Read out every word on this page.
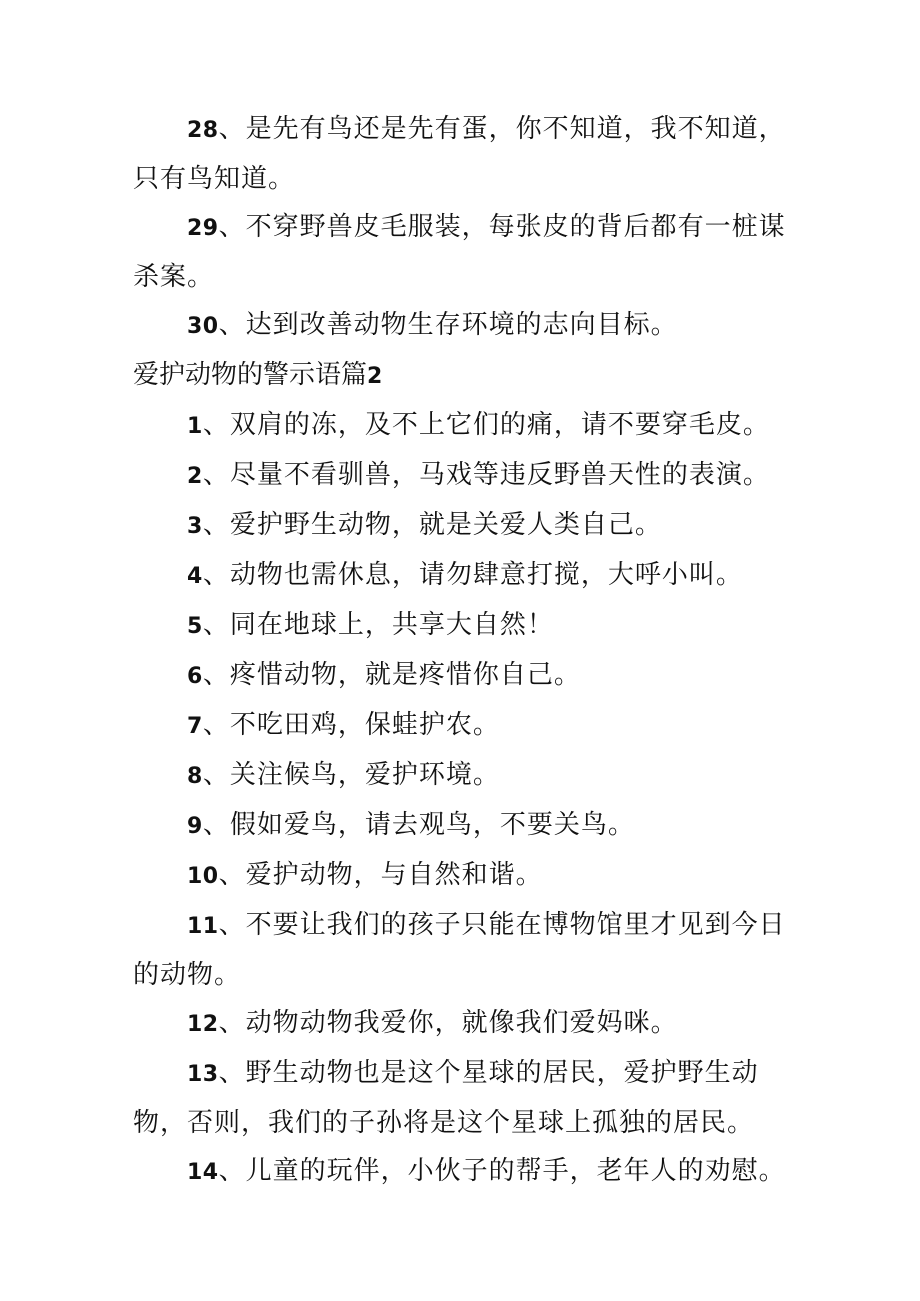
28、是先有鸟还是先有蛋，你不知道，我不知道，只有鸟知道。

29、不穿野兽皮毛服装，每张皮的背后都有一桩谋杀案。

30、达到改善动物生存环境的志向目标。

爱护动物的警示语篇2

1、双肩的冻，及不上它们的痛，请不要穿毛皮。

2、尽量不看驯兽，马戏等违反野兽天性的表演。

3、爱护野生动物，就是关爱人类自己。

4、动物也需休息，请勿肆意打搅，大呼小叫。

5、同在地球上，共享大自然！

6、疼惜动物，就是疼惜你自己。

7、不吃田鸡，保蛙护农。

8、关注候鸟，爱护环境。

9、假如爱鸟，请去观鸟，不要关鸟。

10、爱护动物，与自然和谐。

11、不要让我们的孩子只能在博物馆里才见到今日的动物。

12、动物动物我爱你，就像我们爱妈咪。

13、野生动物也是这个星球的居民，爱护野生动物，否则，我们的子孙将是这个星球上孤独的居民。

14、儿童的玩伴，小伙子的帮手，老年人的劝慰。
